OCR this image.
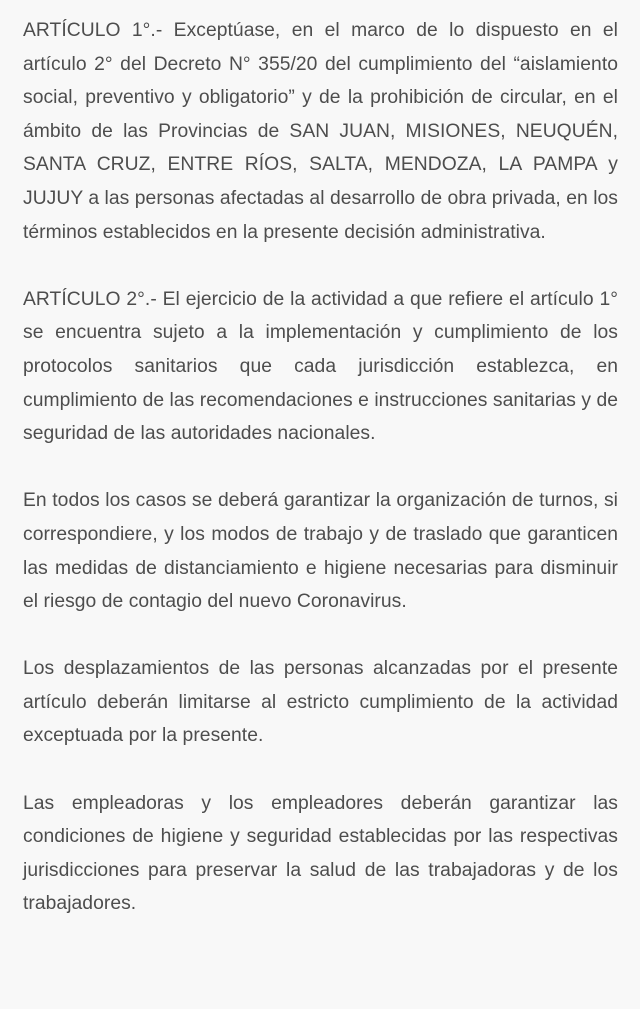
ARTÍCULO 1°.- Exceptúase, en el marco de lo dispuesto en el artículo 2° del Decreto N° 355/20 del cumplimiento del “aislamiento social, preventivo y obligatorio” y de la prohibición de circular, en el ámbito de las Provincias de SAN JUAN, MISIONES, NEUQUÉN, SANTA CRUZ, ENTRE RÍOS, SALTA, MENDOZA, LA PAMPA y JUJUY a las personas afectadas al desarrollo de obra privada, en los términos establecidos en la presente decisión administrativa.

ARTÍCULO 2°.- El ejercicio de la actividad a que refiere el artículo 1° se encuentra sujeto a la implementación y cumplimiento de los protocolos sanitarios que cada jurisdicción establezca, en cumplimiento de las recomendaciones e instrucciones sanitarias y de seguridad de las autoridades nacionales.

En todos los casos se deberá garantizar la organización de turnos, si correspondiere, y los modos de trabajo y de traslado que garanticen las medidas de distanciamiento e higiene necesarias para disminuir el riesgo de contagio del nuevo Coronavirus.

Los desplazamientos de las personas alcanzadas por el presente artículo deberán limitarse al estricto cumplimiento de la actividad exceptuada por la presente.

Las empleadoras y los empleadores deberán garantizar las condiciones de higiene y seguridad establecidas por las respectivas jurisdicciones para preservar la salud de las trabajadoras y de los trabajadores.
